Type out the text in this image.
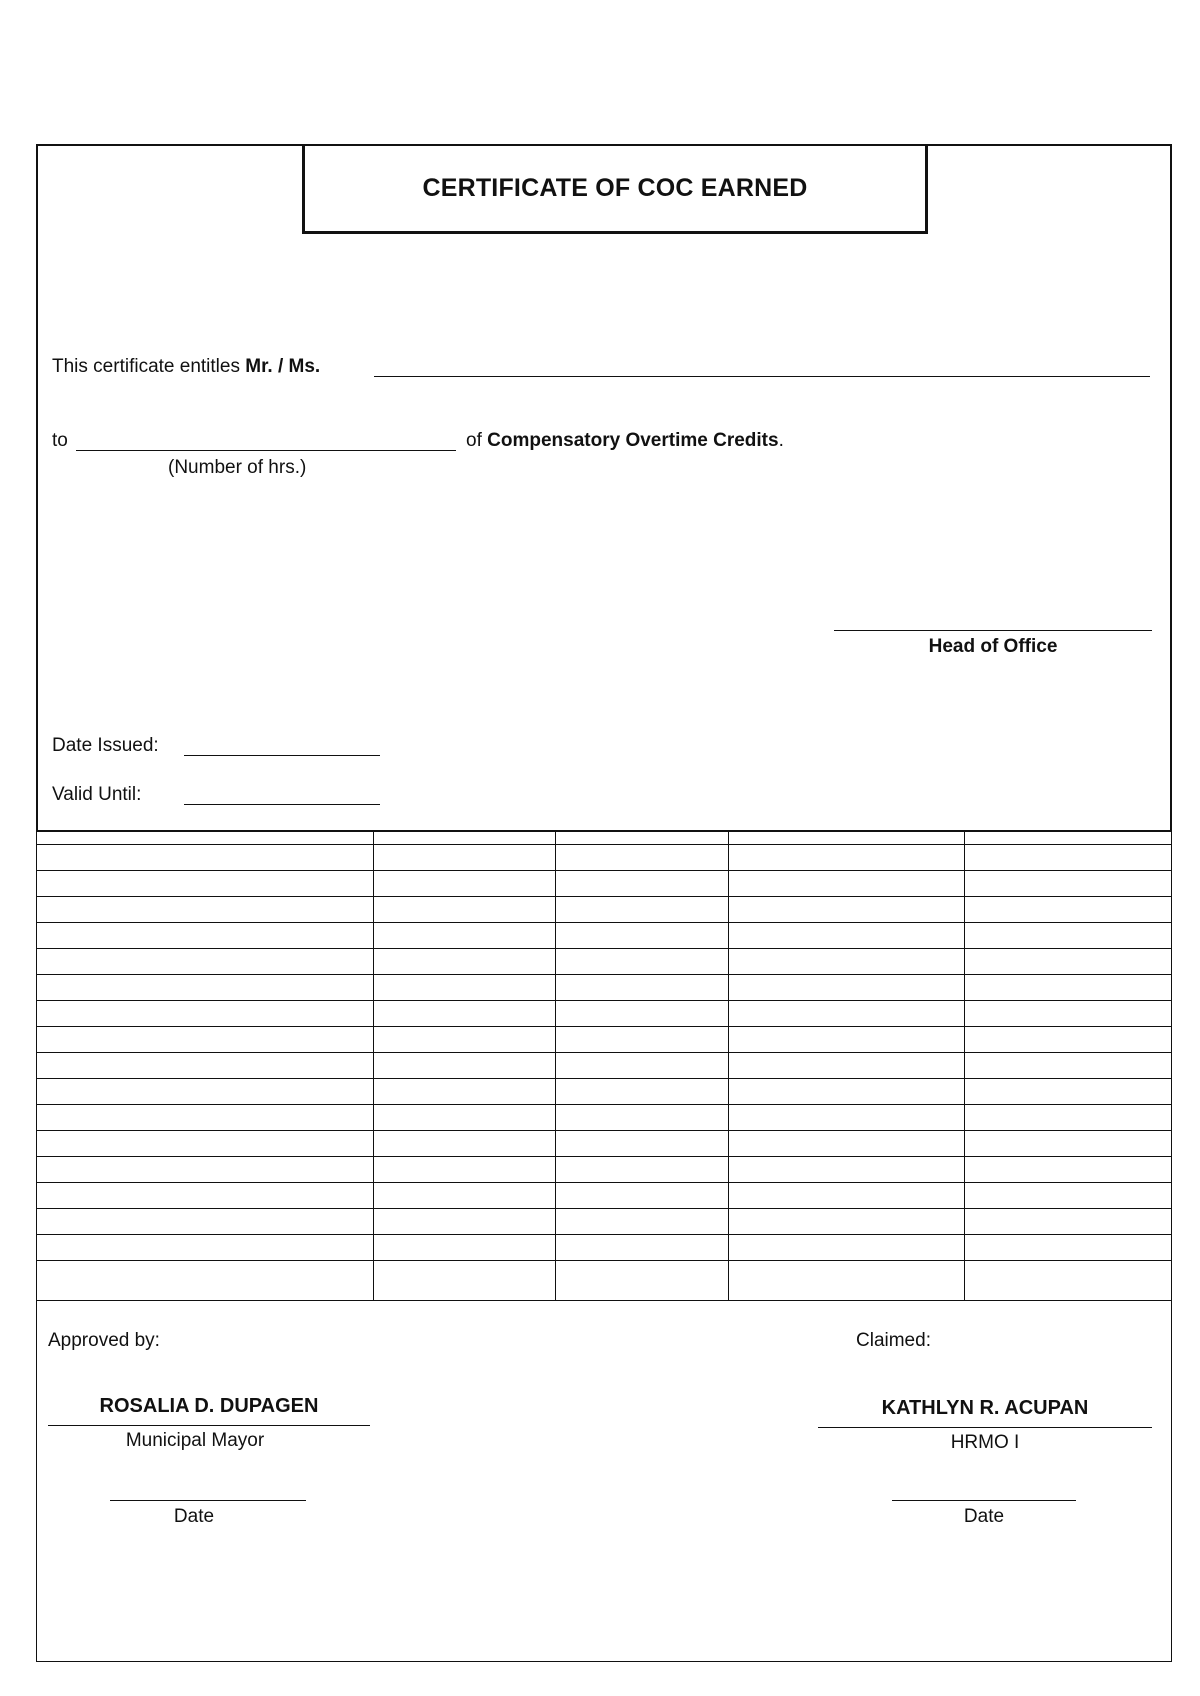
CERTIFICATE OF COC EARNED
This certificate entitles Mr. / Ms.
to	of Compensatory Overtime Credits.
(Number of hrs.)
Head of Office
Date Issued:
Valid Until:
Approved by:
ROSALIA D. DUPAGEN
Municipal Mayor
Date
Claimed:
KATHLYN R. ACUPAN
HRMO I
Date
